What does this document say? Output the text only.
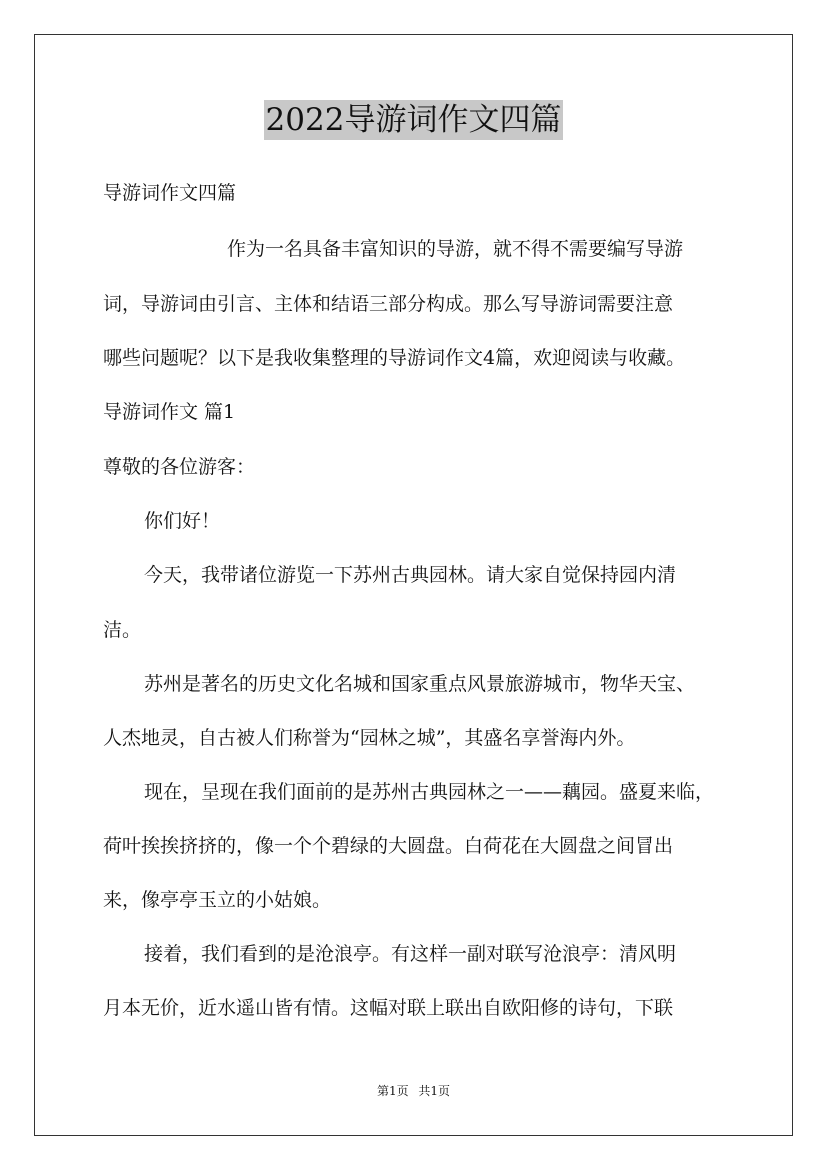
2022导游词作文四篇
导游词作文四篇
作为一名具备丰富知识的导游，就不得不需要编写导游
词，导游词由引言、主体和结语三部分构成。那么写导游词需要注意
哪些问题呢？以下是我收集整理的导游词作文4篇，欢迎阅读与收藏。
导游词作文 篇1
尊敬的各位游客：
你们好！
今天，我带诸位游览一下苏州古典园林。请大家自觉保持园内清
洁。
苏州是著名的历史文化名城和国家重点风景旅游城市，物华天宝、
人杰地灵，自古被人们称誉为“园林之城”，其盛名享誉海内外。
现在，呈现在我们面前的是苏州古典园林之一——藕园。盛夏来临，
荷叶挨挨挤挤的，像一个个碧绿的大圆盘。白荷花在大圆盘之间冒出
来，像亭亭玉立的小姑娘。
接着，我们看到的是沧浪亭。有这样一副对联写沧浪亭：清风明
月本无价，近水遥山皆有情。这幅对联上联出自欧阳修的诗句，下联
第1页 共1页
